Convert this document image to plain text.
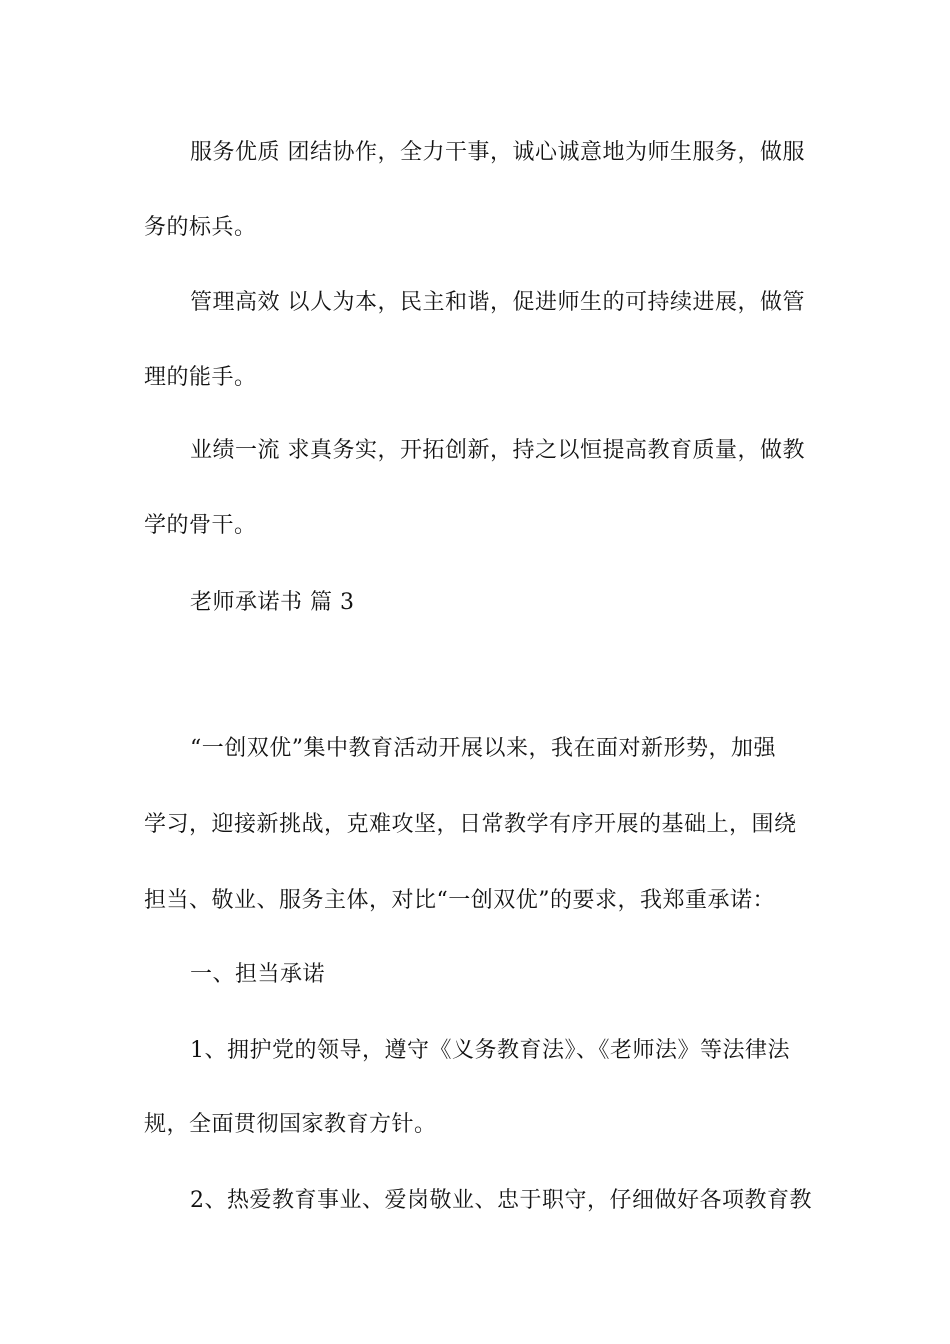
服务优质 团结协作，全力干事，诚心诚意地为师生服务，做服

务的标兵。

管理高效 以人为本，民主和谐，促进师生的可持续进展，做管

理的能手。

业绩一流 求真务实，开拓创新，持之以恒提高教育质量，做教

学的骨干。

老师承诺书 篇 3

“一创双优”集中教育活动开展以来，我在面对新形势，加强

学习，迎接新挑战，克难攻坚，日常教学有序开展的基础上，围绕

担当、敬业、服务主体，对比“一创双优”的要求，我郑重承诺：

一、担当承诺

1、拥护党的领导，遵守《义务教育法》、《老师法》等法律法

规，全面贯彻国家教育方针。

2、热爱教育事业、爱岗敬业、忠于职守，仔细做好各项教育教
